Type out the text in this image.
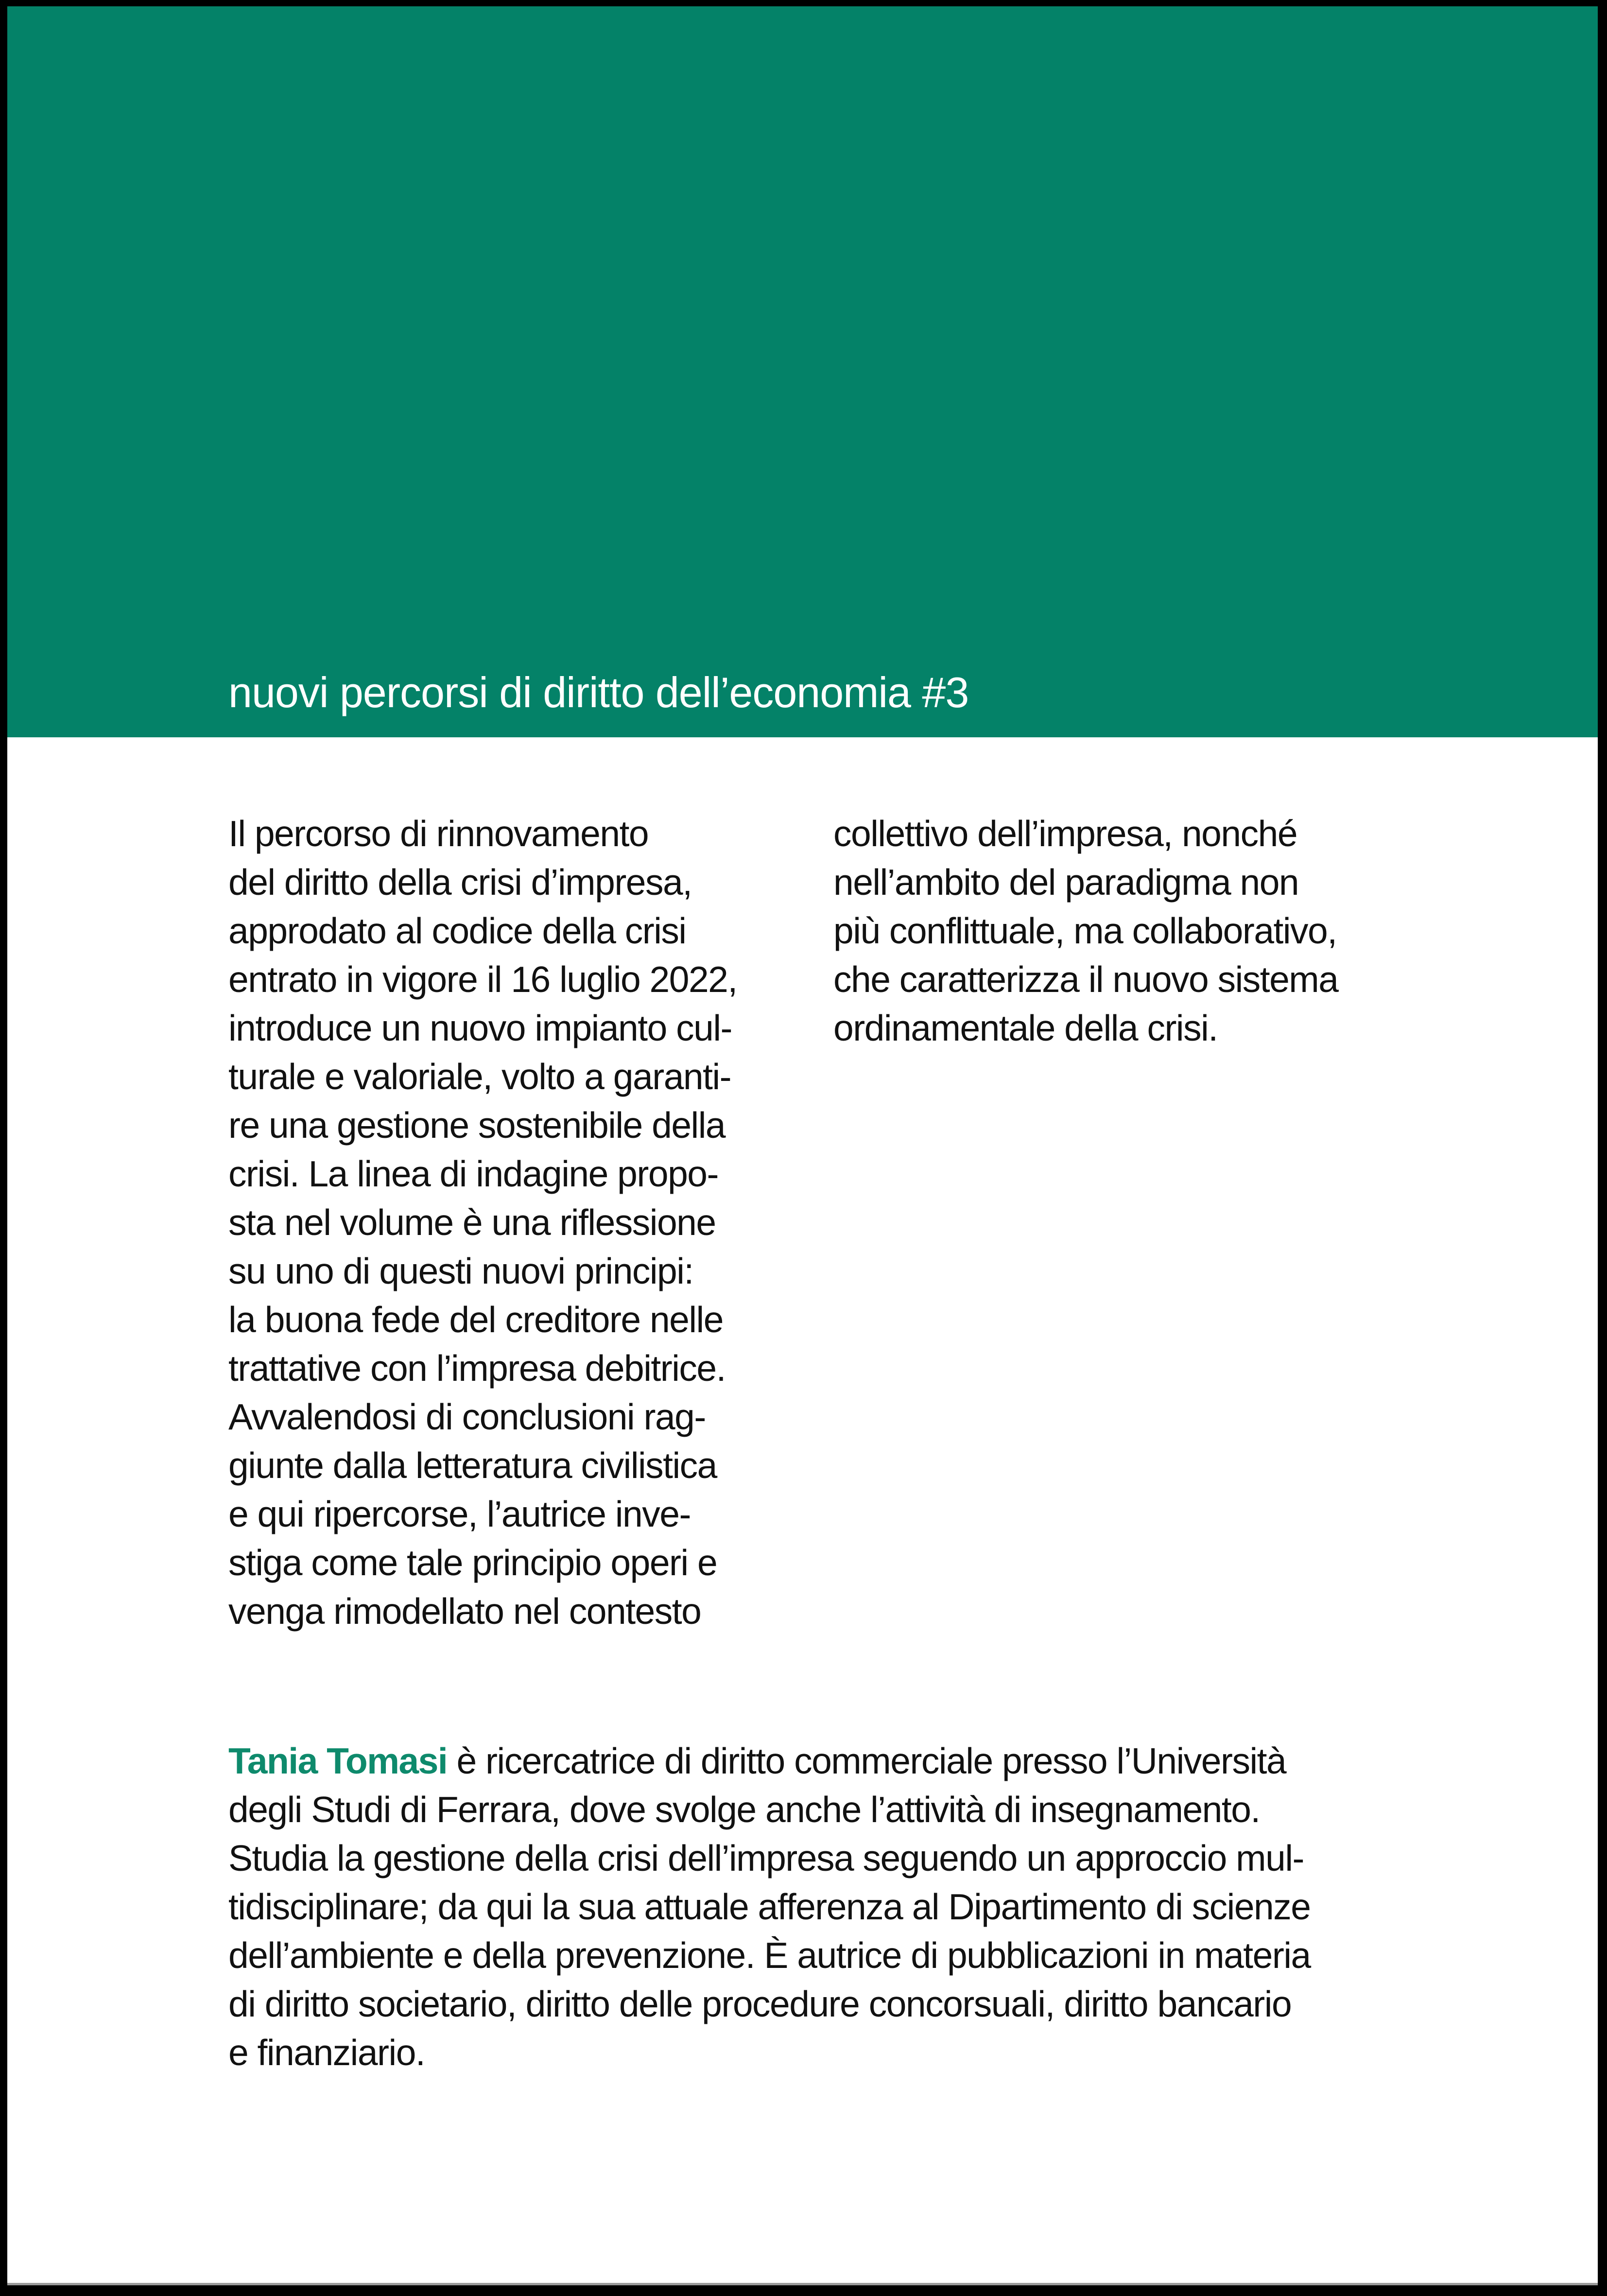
nuovi percorsi di diritto dell’economia #3
Il percorso di rinnovamento
del diritto della crisi d’impresa,
approdato al codice della crisi
entrato in vigore il 16 luglio 2022,
introduce un nuovo impianto cul-
turale e valoriale, volto a garanti-
re una gestione sostenibile della
crisi. La linea di indagine propo-
sta nel volume è una riflessione
su uno di questi nuovi principi:
la buona fede del creditore nelle
trattative con l’impresa debitrice.
Avvalendosi di conclusioni rag-
giunte dalla letteratura civilistica
e qui ripercorse, l’autrice inve-
stiga come tale principio operi e
venga rimodellato nel contesto
collettivo dell’impresa, nonché
nell’ambito del paradigma non
più conflittuale, ma collaborativo,
che caratterizza il nuovo sistema
ordinamentale della crisi.
Tania Tomasi è ricercatrice di diritto commerciale presso l’Università
degli Studi di Ferrara, dove svolge anche l’attività di insegnamento.
Studia la gestione della crisi dell’impresa seguendo un approccio mul-
tidisciplinare; da qui la sua attuale afferenza al Dipartimento di scienze
dell’ambiente e della prevenzione. È autrice di pubblicazioni in materia
di diritto societario, diritto delle procedure concorsuali, diritto bancario
e finanziario.
